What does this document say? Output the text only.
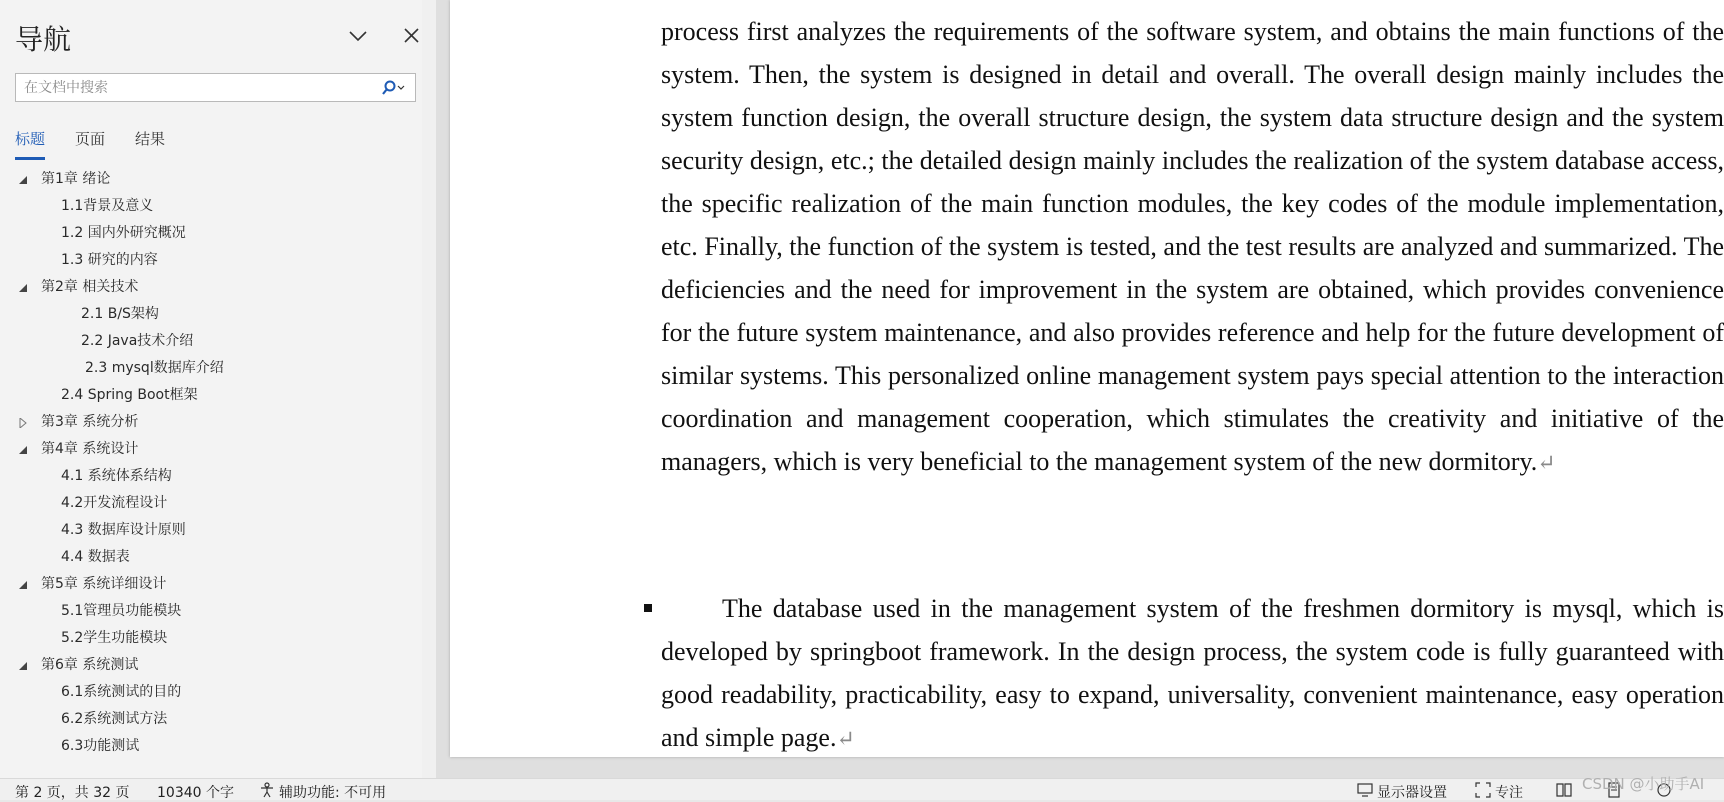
导航
在文档中搜索
标题 页面 结果
第1章 绪论
1.1背景及意义
1.2 国内外研究概况
1.3 研究的内容
第2章 相关技术
2.1 B/S架构
2.2 Java技术介绍
2.3 mysql数据库介绍
2.4 Spring Boot框架
第3章 系统分析
第4章 系统设计
4.1 系统体系结构
4.2开发流程设计
4.3 数据库设计原则
4.4 数据表
第5章 系统详细设计
5.1管理员功能模块
5.2学生功能模块
第6章 系统测试
6.1系统测试的目的
6.2系统测试方法
6.3功能测试
process first analyzes the requirements of the software system, and obtains the main functions of the system. Then, the system is designed in detail and overall. The overall design mainly includes the system function design, the overall structure design, the system data structure design and the system security design, etc.; the detailed design mainly includes the realization of the system database access, the specific realization of the main function modules, the key codes of the module implementation, etc. Finally, the function of the system is tested, and the test results are analyzed and summarized. The deficiencies and the need for improvement in the system are obtained, which provides convenience for the future system maintenance, and also provides reference and help for the future development of similar systems. This personalized online management system pays special attention to the interaction coordination and management cooperation, which stimulates the creativity and initiative of the managers, which is very beneficial to the management system of the new dormitory.↵
The database used in the management system of the freshmen dormitory is mysql, which is developed by springboot framework. In the design process, the system code is fully guaranteed with good readability, practicability, easy to expand, universality, convenient maintenance, easy operation and simple page.↵
第 2 页，共 32 页 10340 个字	辅助功能: 不可用	显示器设置	专注	CSDN @小助手AI
